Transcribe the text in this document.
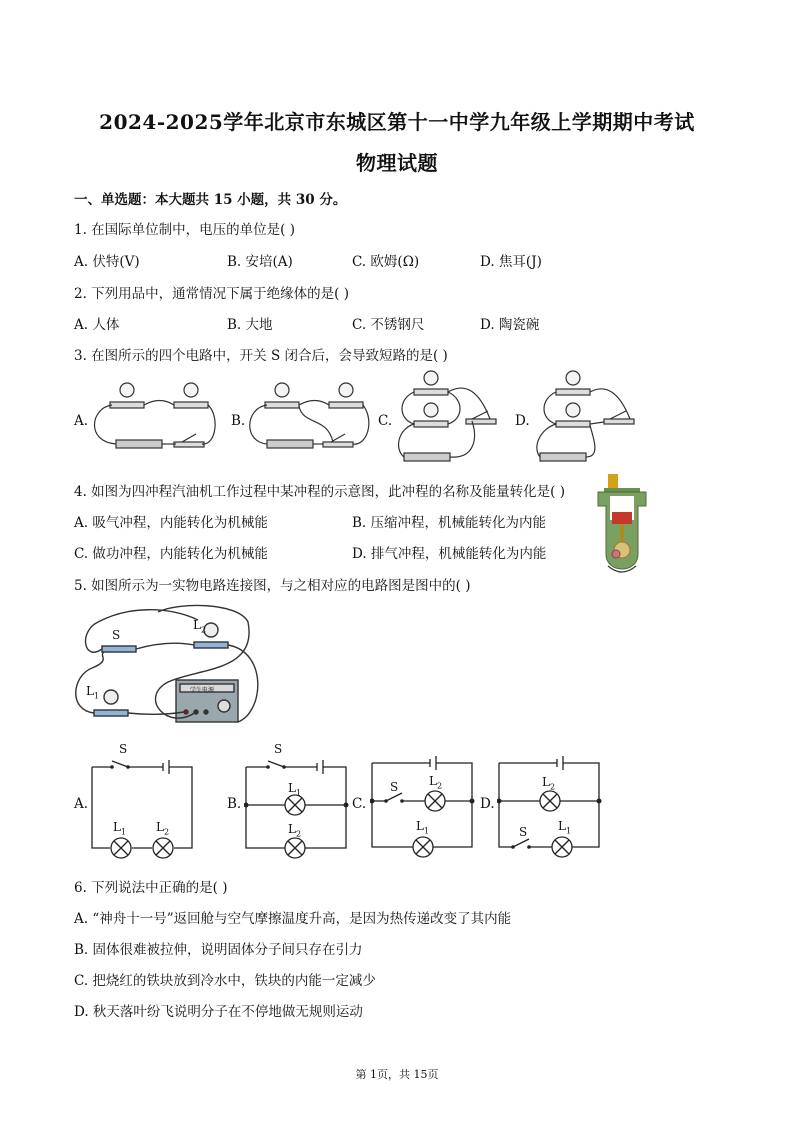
2024-2025学年北京市东城区第十一中学九年级上学期期中考试
物理试题
一、单选题：本大题共 15 小题，共 30 分。
1. 在国际单位制中，电压的单位是( )
A. 伏特(V)	B. 安培(A)	C. 欧姆(Ω)	D. 焦耳(J)
2. 下列用品中，通常情况下属于绝缘体的是( )
A. 人体	B. 大地	C. 不锈钢尺	D. 陶瓷碗
3. 在图所示的四个电路中，开关 S 闭合后，会导致短路的是( )
A.	B.	C.	D.
4. 如图为四冲程汽油机工作过程中某冲程的示意图，此冲程的名称及能量转化是( )
A. 吸气冲程，内能转化为机械能	B. 压缩冲程，机械能转化为内能
C. 做功冲程，内能转化为机械能	D. 排气冲程，机械能转化为内能
5. 如图所示为一实物电路连接图，与之相对应的电路图是图中的( )
S
$L_2$
$L_1$
学生电源
A.	B.	C.	D.
S
$L_1$ $L_2$
S
$L_1$
$L_2$
S	$L_2$
$L_1$
$L_2$
S	$L_1$
6. 下列说法中正确的是( )
A. “神舟十一号”返回舱与空气摩擦温度升高，是因为热传递改变了其内能
B. 固体很难被拉伸，说明固体分子间只存在引力
C. 把烧红的铁块放到冷水中，铁块的内能一定减少
D. 秋天落叶纷飞说明分子在不停地做无规则运动
第 1页，共 15页
